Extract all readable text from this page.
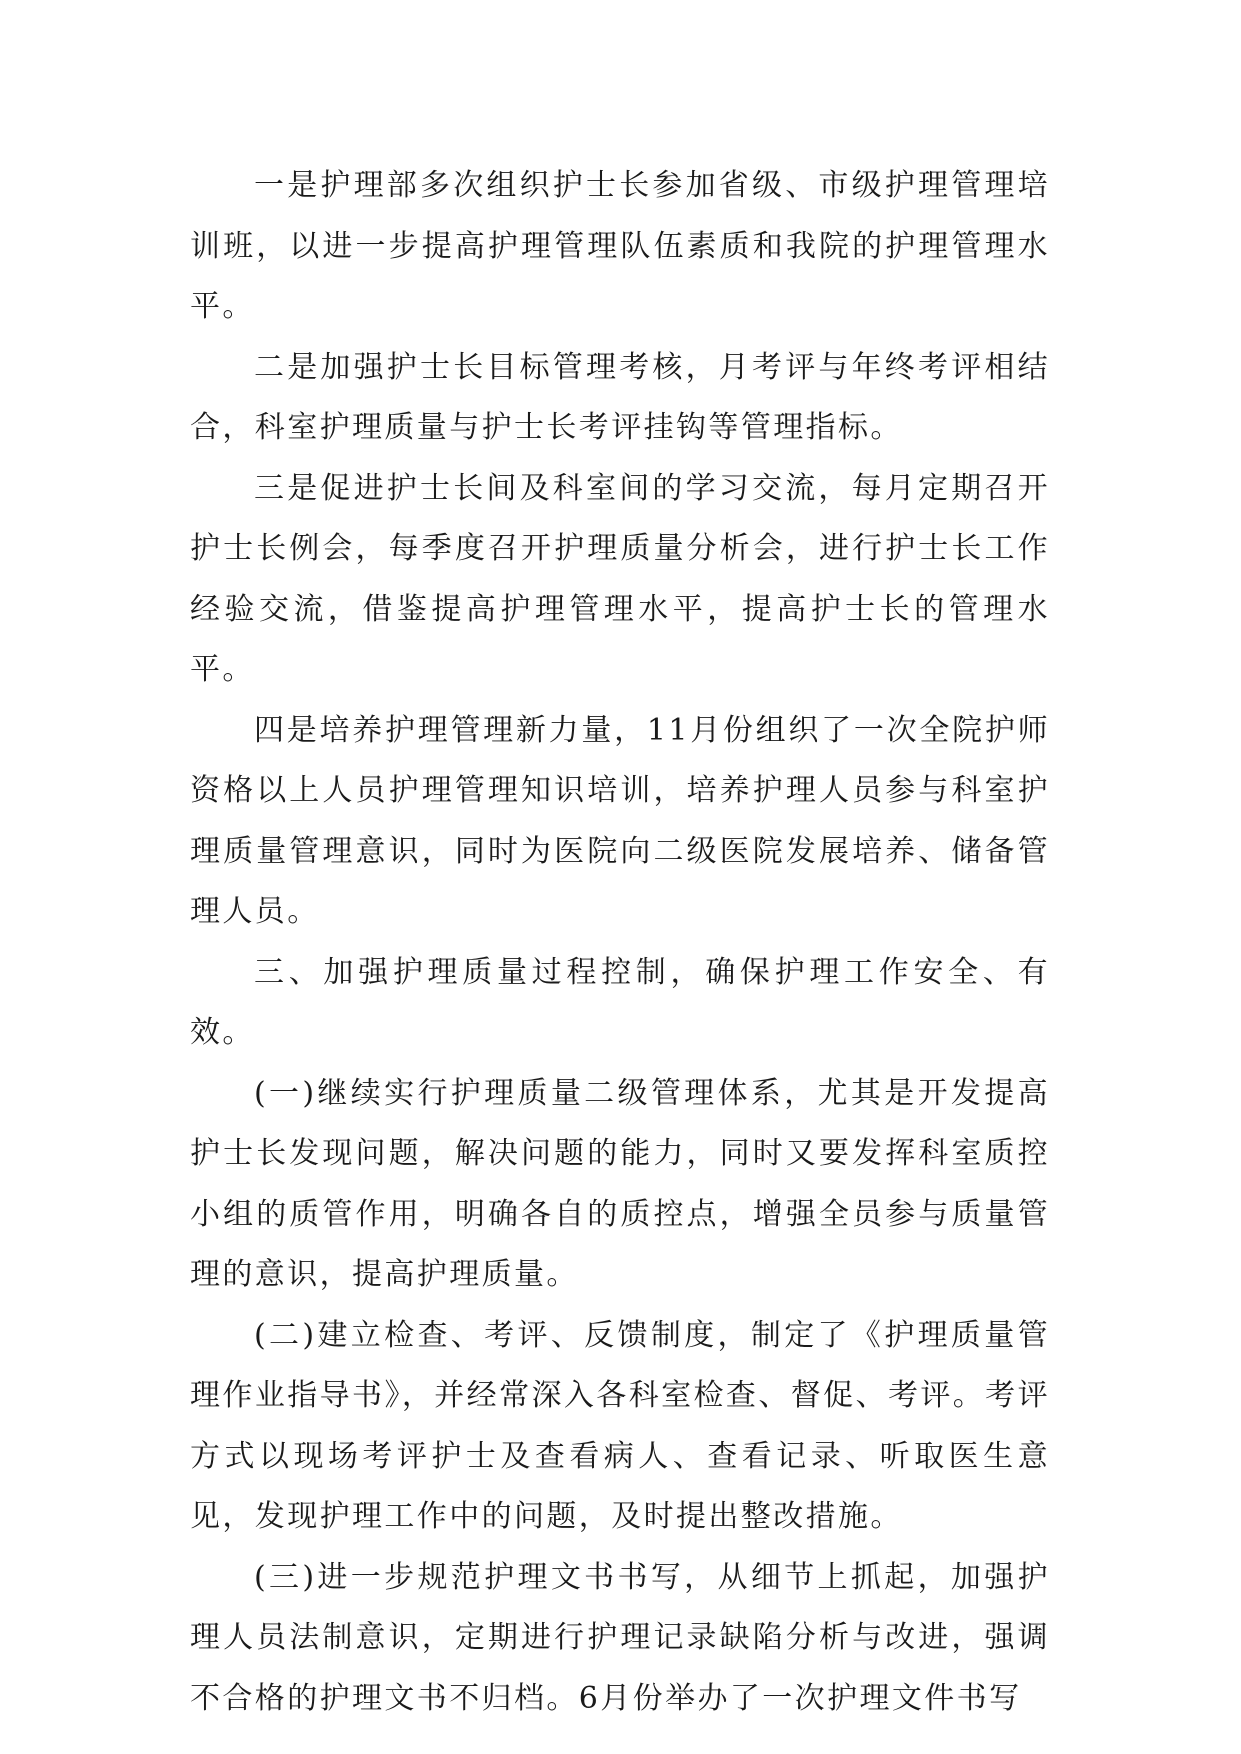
一是护理部多次组织护士长参加省级、市级护理管理培训班，以进一步提高护理管理队伍素质和我院的护理管理水平。

二是加强护士长目标管理考核，月考评与年终考评相结合，科室护理质量与护士长考评挂钩等管理指标。

三是促进护士长间及科室间的学习交流，每月定期召开护士长例会，每季度召开护理质量分析会，进行护士长工作经验交流，借鉴提高护理管理水平，提高护士长的管理水平。

四是培养护理管理新力量，11月份组织了一次全院护师资格以上人员护理管理知识培训，培养护理人员参与科室护理质量管理意识，同时为医院向二级医院发展培养、储备管理人员。

三、加强护理质量过程控制，确保护理工作安全、有效。

(一)继续实行护理质量二级管理体系，尤其是开发提高护士长发现问题，解决问题的能力，同时又要发挥科室质控小组的质管作用，明确各自的质控点，增强全员参与质量管理的意识，提高护理质量。

(二)建立检查、考评、反馈制度，制定了《护理质量管理作业指导书》，并经常深入各科室检查、督促、考评。考评方式以现场考评护士及查看病人、查看记录、听取医生意见，发现护理工作中的问题，及时提出整改措施。

(三)进一步规范护理文书书写，从细节上抓起，加强护理人员法制意识，定期进行护理记录缺陷分析与改进，强调不合格的护理文书不归档。6月份举办了一次护理文件书写
